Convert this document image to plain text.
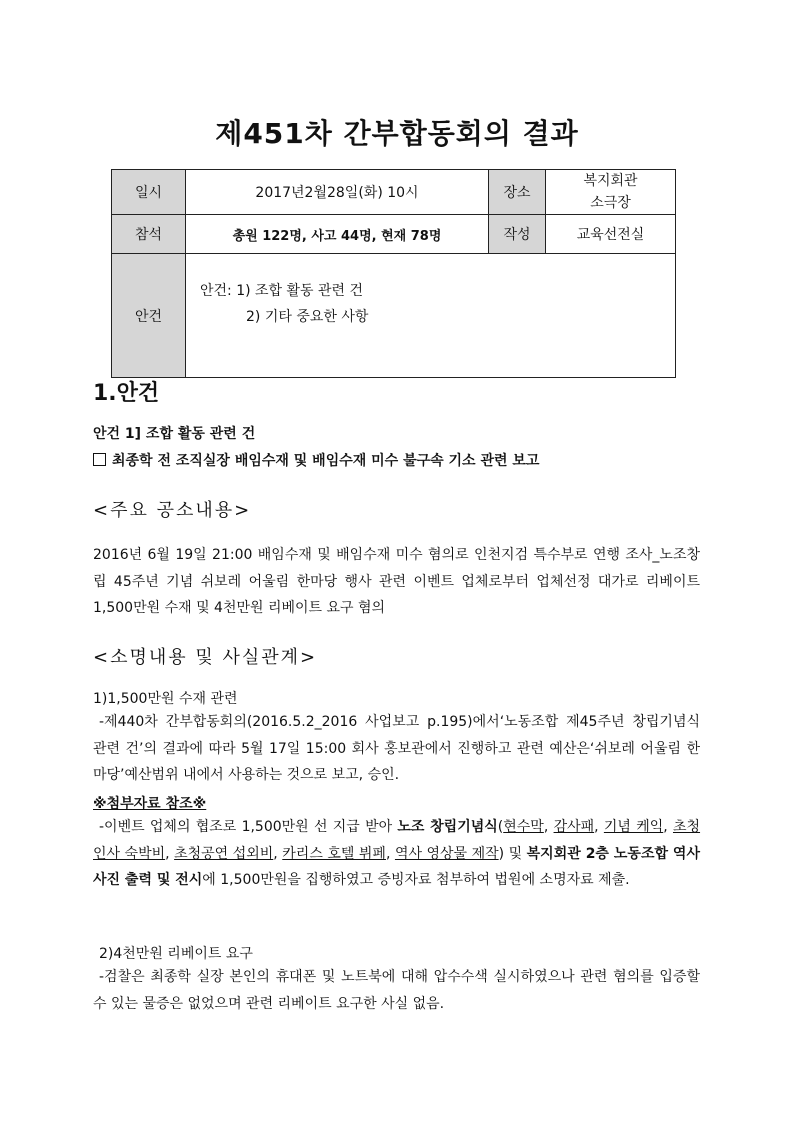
제451차 간부합동회의 결과
일시	2017년2월28일(화) 10시	장소	복지회관
소극장
참석	총원 122명, 사고 44명, 현재 78명	작성	교육선전실
안건	안건: 1) 조합 활동 관련 건
2) 기타 중요한 사항		
1.안건
안건 1] 조합 활동 관련 건
최종학 전 조직실장 배임수재 및 배임수재 미수 불구속 기소 관련 보고
<주요 공소내용>
2016년 6월 19일 21:00 배임수재 및 배임수재 미수 혐의로 인천지검 특수부로 연행 조사_노조창립 45주년 기념 쉬보레 어울림 한마당 행사 관련 이벤트 업체로부터 업체선정 대가로 리베이트 1,500만원 수재 및 4천만원 리베이트 요구 혐의
<소명내용 및 사실관계>
1)1,500만원 수재 관련
-제440차 간부합동회의(2016.5.2_2016 사업보고 p.195)에서‘노동조합 제45주년 창립기념식 관련 건’의 결과에 따라 5월 17일 15:00 회사 홍보관에서 진행하고 관련 예산은‘쉬보레 어울림 한마당’예산범위 내에서 사용하는 것으로 보고, 승인.
※첨부자료 참조※
-이벤트 업체의 협조로 1,500만원 선 지급 받아 노조 창립기념식(현수막, 감사패, 기념 케익, 초청인사 숙박비, 초청공연 섭외비, 카리스 호텔 뷔페, 역사 영상물 제작) 및 복지회관 2층 노동조합 역사 사진 출력 및 전시에 1,500만원을 집행하였고 증빙자료 첨부하여 법원에 소명자료 제출.
2)4천만원 리베이트 요구
-검찰은 최종학 실장 본인의 휴대폰 및 노트북에 대해 압수수색 실시하였으나 관련 혐의를 입증할 수 있는 물증은 없었으며 관련 리베이트 요구한 사실 없음.
